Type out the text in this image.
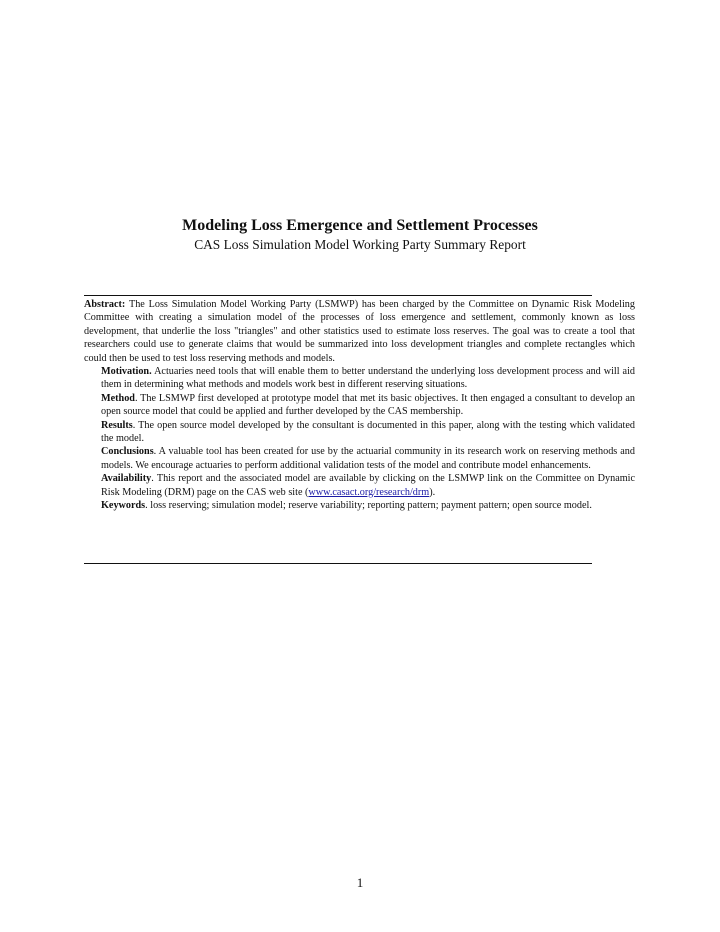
Modeling Loss Emergence and Settlement Processes
CAS Loss Simulation Model Working Party Summary Report

Abstract: The Loss Simulation Model Working Party (LSMWP) has been charged by the Committee on Dynamic Risk Modeling Committee with creating a simulation model of the processes of loss emergence and settlement, commonly known as loss development, that underlie the loss "triangles" and other statistics used to estimate loss reserves. The goal was to create a tool that researchers could use to generate claims that would be summarized into loss development triangles and complete rectangles which could then be used to test loss reserving methods and models.

Motivation. Actuaries need tools that will enable them to better understand the underlying loss development process and will aid them in determining what methods and models work best in different reserving situations.

Method. The LSMWP first developed at prototype model that met its basic objectives. It then engaged a consultant to develop an open source model that could be applied and further developed by the CAS membership.

Results. The open source model developed by the consultant is documented in this paper, along with the testing which validated the model.

Conclusions. A valuable tool has been created for use by the actuarial community in its research work on reserving methods and models. We encourage actuaries to perform additional validation tests of the model and contribute model enhancements.

Availability. This report and the associated model are available by clicking on the LSMWP link on the Committee on Dynamic Risk Modeling (DRM) page on the CAS web site (www.casact.org/research/drm).

Keywords. loss reserving; simulation model; reserve variability; reporting pattern; payment pattern; open source model.

1
